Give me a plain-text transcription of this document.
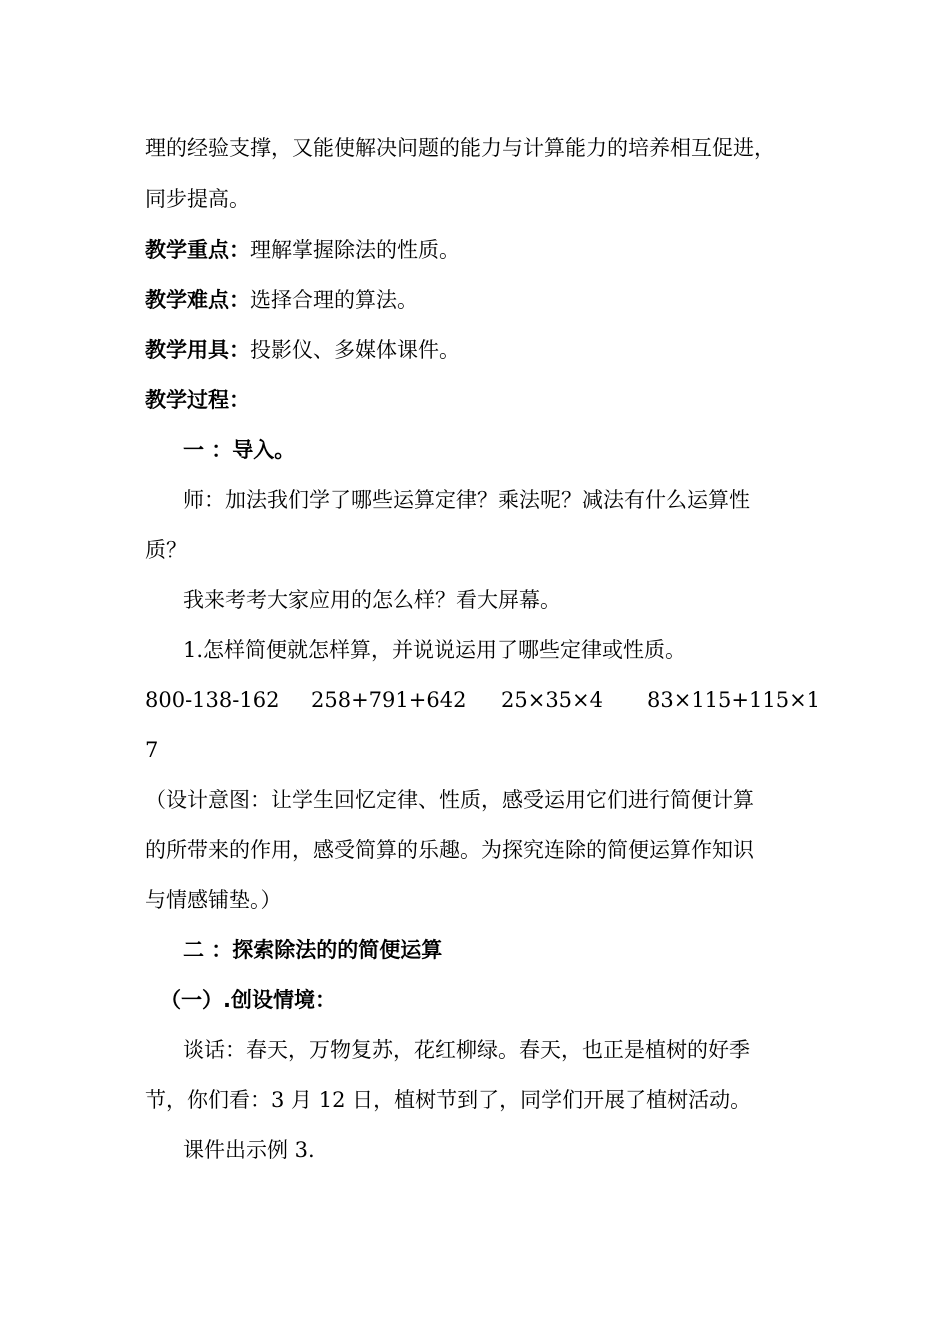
理的经验支撑，又能使解决问题的能力与计算能力的培养相互促进，
同步提高。
教学重点：理解掌握除法的性质。
教学难点：选择合理的算法。
教学用具：投影仪、多媒体课件。
教学过程：
一 ：导入。
师：加法我们学了哪些运算定律？乘法呢？减法有什么运算性
质？
我来考考大家应用的怎么样？看大屏幕。
1.怎样简便就怎样算，并说说运用了哪些定律或性质。
800-138-162 258+791+642 25×35×4 83×115+115×1
7
（设计意图：让学生回忆定律、性质，感受运用它们进行简便计算
的所带来的作用，感受简算的乐趣。为探究连除的简便运算作知识
与情感铺垫。）
二 ：探索除法的的简便运算
（一）.创设情境：
谈话：春天，万物复苏，花红柳绿。春天，也正是植树的好季
节，你们看：3 月 12 日，植树节到了，同学们开展了植树活动。
课件出示例 3.
